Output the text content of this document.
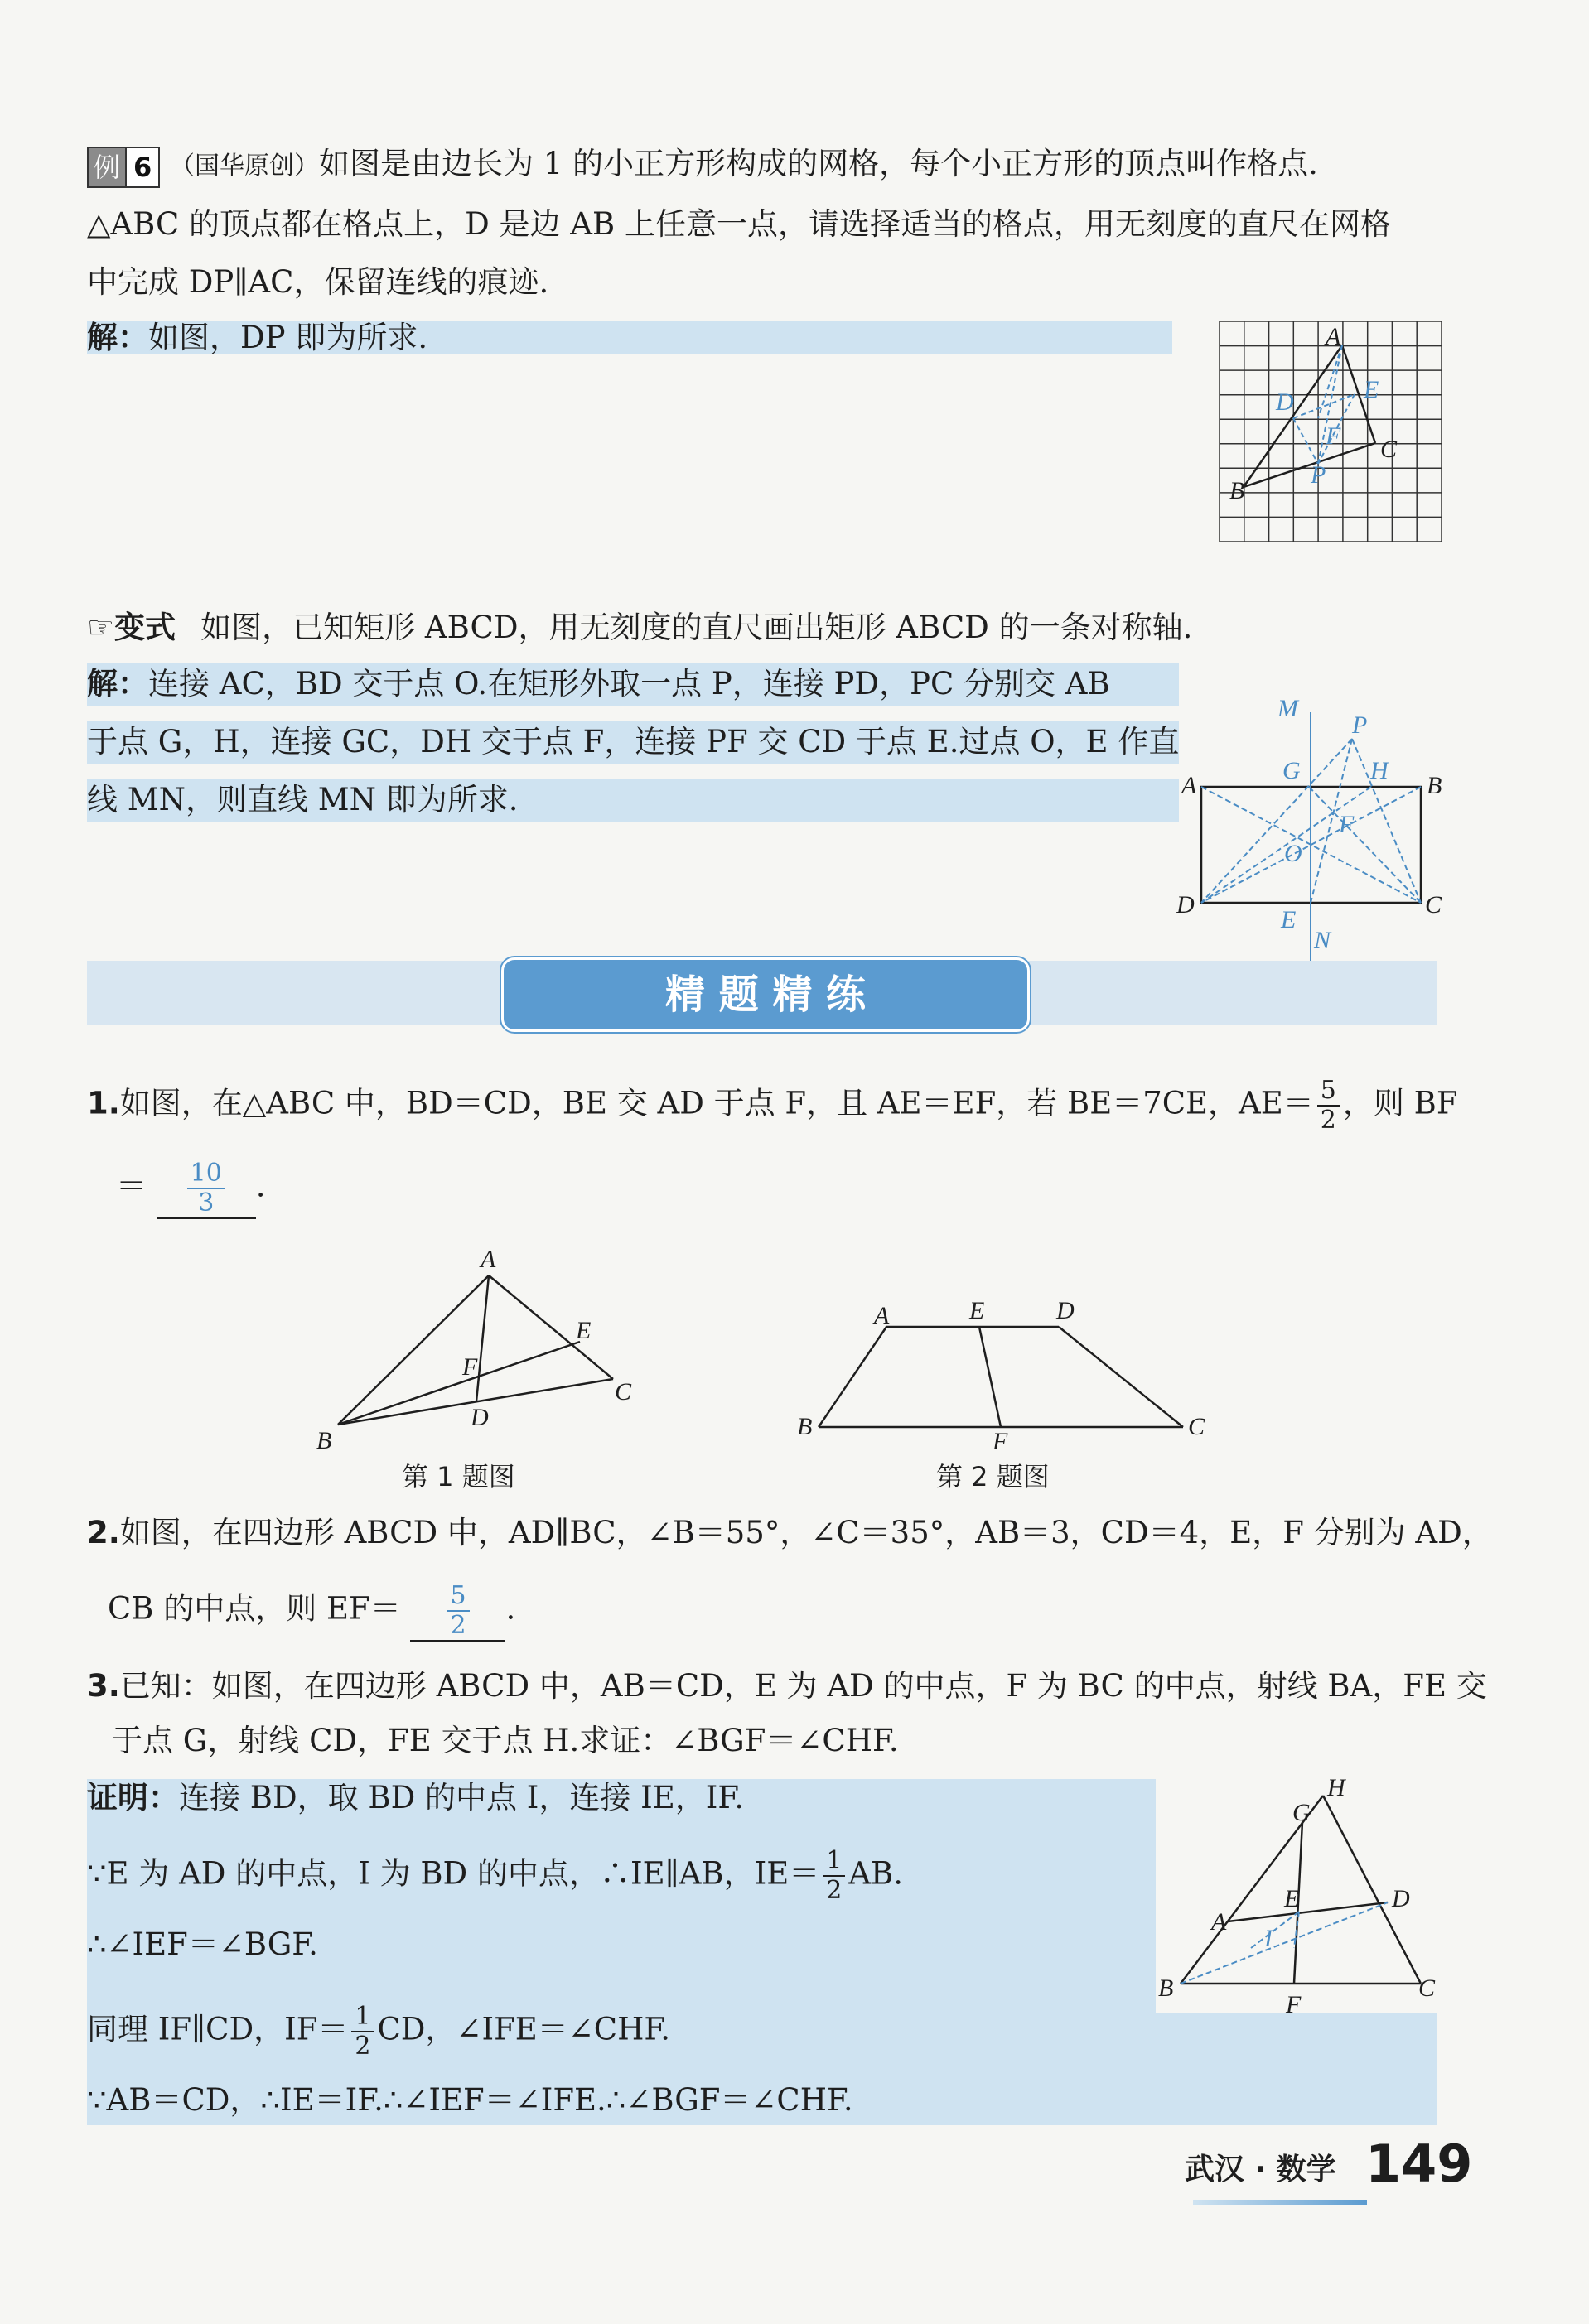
例 6 （国华原创）如图是由边长为 1 的小正方形构成的网格，每个小正方形的顶点叫作格点.
△ABC 的顶点都在格点上，D 是边 AB 上任意一点，请选择适当的格点，用无刻度的直尺在网格
中完成 DP∥AC，保留连线的痕迹.
解：如图，DP 即为所求.	A
D	E
F C
B
P
☞变式 如图，已知矩形 ABCD，用无刻度的直尺画出矩形 ABCD 的一条对称轴.
解：连接 AC，BD 交于点 O.在矩形外取一点 P，连接 PD，PC 分别交 AB
于点 G，H，连接 GC，DH 交于点 F，连接 PF 交 CD 于点 E.过点 O，E 作直
线 MN，则直线 MN 即为所求.
M
P
G	H
A	B
F
O
D	C
E
N
精 题 精 练
1.如图，在△ABC 中，BD＝CD，BE 交 AD 于点 F，且 AE＝EF，若 BE＝7CE，$AE= \frac{5}{2}$ ，则 BF
＝ $\frac{10}{3}$ .
A
E
F
C
B
D
第 1 题图
A	E	D
B
F
C
第 2 题图
2.如图，在四边形 ABCD 中，AD∥BC，∠B＝55°，∠C＝35°，AB＝3，CD＝4，E，F 分别为 AD，
CB 的中点，则 $EF= \frac{5}{2}$ .
3.已知：如图，在四边形 ABCD 中，AB＝CD，E 为 AD 的中点，F 为 BC 的中点，射线 BA，FE 交
于点 G，射线 CD，FE 交于点 H.求证：∠BGF＝∠CHF.
证明：连接 BD，取 BD 的中点 I，连接 IE，IF.
∵E 为 AD 的中点，I 为 BD 的中点，∴IE∥AB，$IE= \frac{1}{2}$ AB.
∴∠IEF＝∠BGF.
同理 IF∥CD，$IF= \frac{1}{2}$ CD，∠IFE＝∠CHF.
∵AB＝CD，∴IE＝IF.∴∠IEF＝∠IFE.∴∠BGF＝∠CHF.
H
G
E	D
A
I
B
F
C
武汉 · 数学 149
